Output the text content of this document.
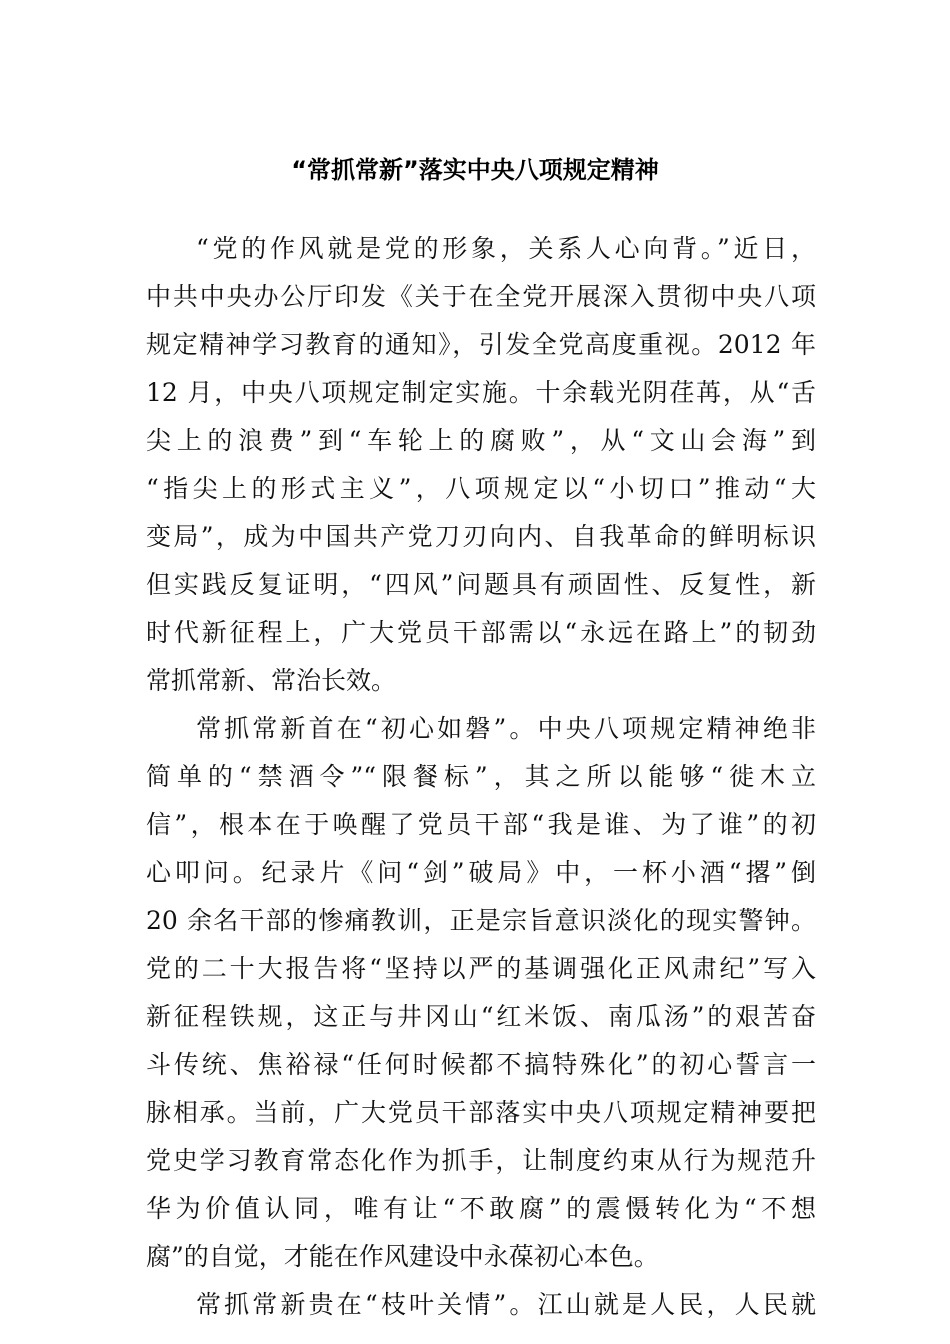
“常抓常新”落实中央八项规定精神
“党的作风就是党的形象，关系人心向背。”近日，
中共中央办公厅印发《关于在全党开展深入贯彻中央八项
规定精神学习教育的通知》，引发全党高度重视。2012 年
12 月，中央八项规定制定实施。十余载光阴荏苒，从“舌
尖上的浪费”到“车轮上的腐败”，从“文山会海”到
“指尖上的形式主义”，八项规定以“小切口”推动“大
变局”，成为中国共产党刀刃向内、自我革命的鲜明标识
但实践反复证明，“四风”问题具有顽固性、反复性，新
时代新征程上，广大党员干部需以“永远在路上”的韧劲
常抓常新、常治长效。
常抓常新首在“初心如磐”。中央八项规定精神绝非
简单的“禁酒令”“限餐标”，其之所以能够“徙木立
信”，根本在于唤醒了党员干部“我是谁、为了谁”的初
心叩问。纪录片《问“剑”破局》中，一杯小酒“撂”倒
20 余名干部的惨痛教训，正是宗旨意识淡化的现实警钟。
党的二十大报告将“坚持以严的基调强化正风肃纪”写入
新征程铁规，这正与井冈山“红米饭、南瓜汤”的艰苦奋
斗传统、焦裕禄“任何时候都不搞特殊化”的初心誓言一
脉相承。当前，广大党员干部落实中央八项规定精神要把
党史学习教育常态化作为抓手，让制度约束从行为规范升
华为价值认同，唯有让“不敢腐”的震慑转化为“不想
腐”的自觉，才能在作风建设中永葆初心本色。
常抓常新贵在“枝叶关情”。江山就是人民，人民就
